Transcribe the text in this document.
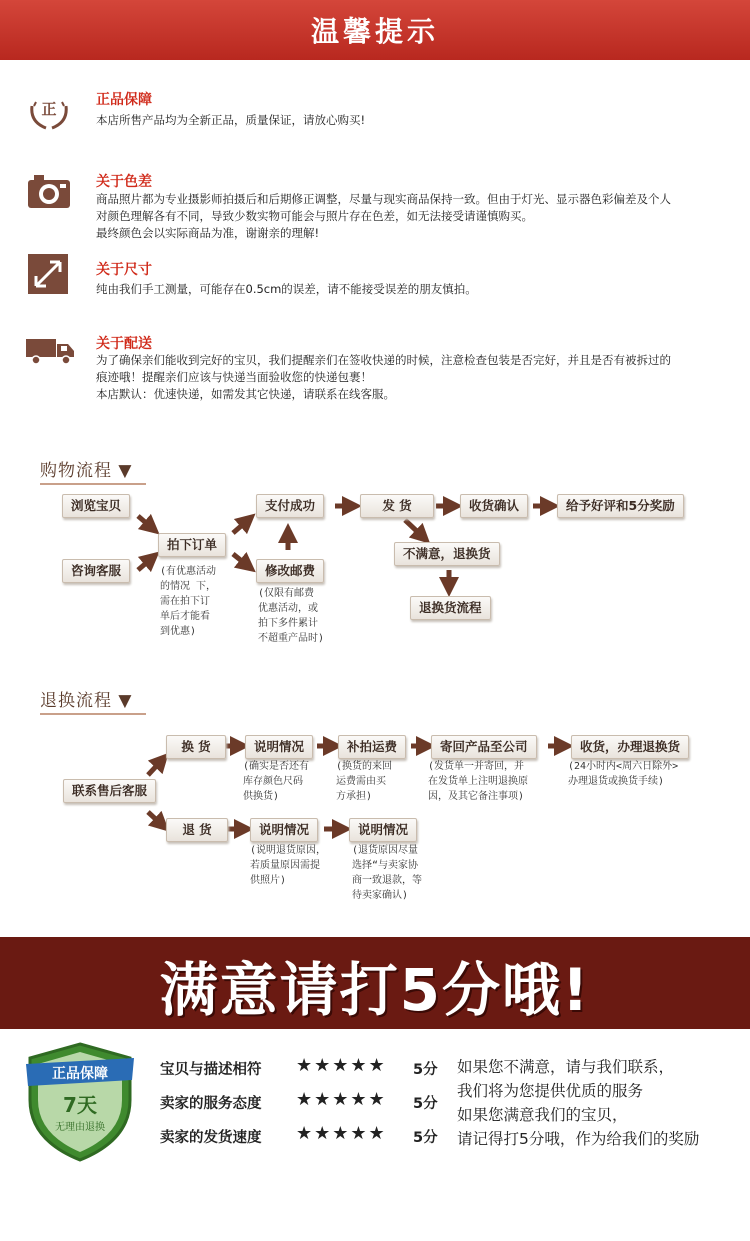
温馨提示
正	正品保障
本店所售产品均为全新正品，质量保证，请放心购买!
关于色差
商品照片都为专业摄影师拍摄后和后期修正调整，尽量与现实商品保持一致。但由于灯光、显示器色彩偏差及个人
对颜色理解各有不同，导致少数实物可能会与照片存在色差，如无法接受请谨慎购买。
最终颜色会以实际商品为准，谢谢亲的理解!
关于尺寸
纯由我们手工测量，可能存在0.5cm的误差，请不能接受误差的朋友慎拍。
关于配送
为了确保亲们能收到完好的宝贝，我们提醒亲们在签收快递的时候，注意检查包装是否完好，并且是否有被拆过的
痕迹哦！提醒亲们应该与快递当面验收您的快递包裹！
本店默认：优速快递，如需发其它快递，请联系在线客服。
购物流程 ▼
浏览宝贝
咨询客服
拍下订单
支付成功	发 货	收货确认	给予好评和5分奖励
修改邮费
不满意，退换货
退换货流程
(有优惠活动
的情况 下，
需在拍下订
单后才能看
到优惠)
(仅限有邮费
优惠活动，或
拍下多件累计
不超重产品时)
退换流程 ▼
联系售后客服
换 货	说明情况	补拍运费	寄回产品至公司	收货，办理退换货
退 货	说明情况	说明情况
(确实是否还有
库存颜色尺码
供换货)
(换货的来回
运费需由买
方承担)
(发货单一并寄回，并
在发货单上注明退换原
因，及其它备注事项)
(24小时内<周六日除外>
办理退货或换货手续)
(说明退货原因，
若质量原因需提
供照片)
(退货原因尽量
选择“与卖家协
商一致退款，等
待卖家确认)
满意请打5分哦!
正品保障
7天
无理由退换
宝贝与描述相符 ★★★★★ 5分
卖家的服务态度 ★★★★★ 5分
卖家的发货速度 ★★★★★ 5分
如果您不满意，请与我们联系，
我们将为您提供优质的服务
如果您满意我们的宝贝，
请记得打5分哦，作为给我们的奖励
